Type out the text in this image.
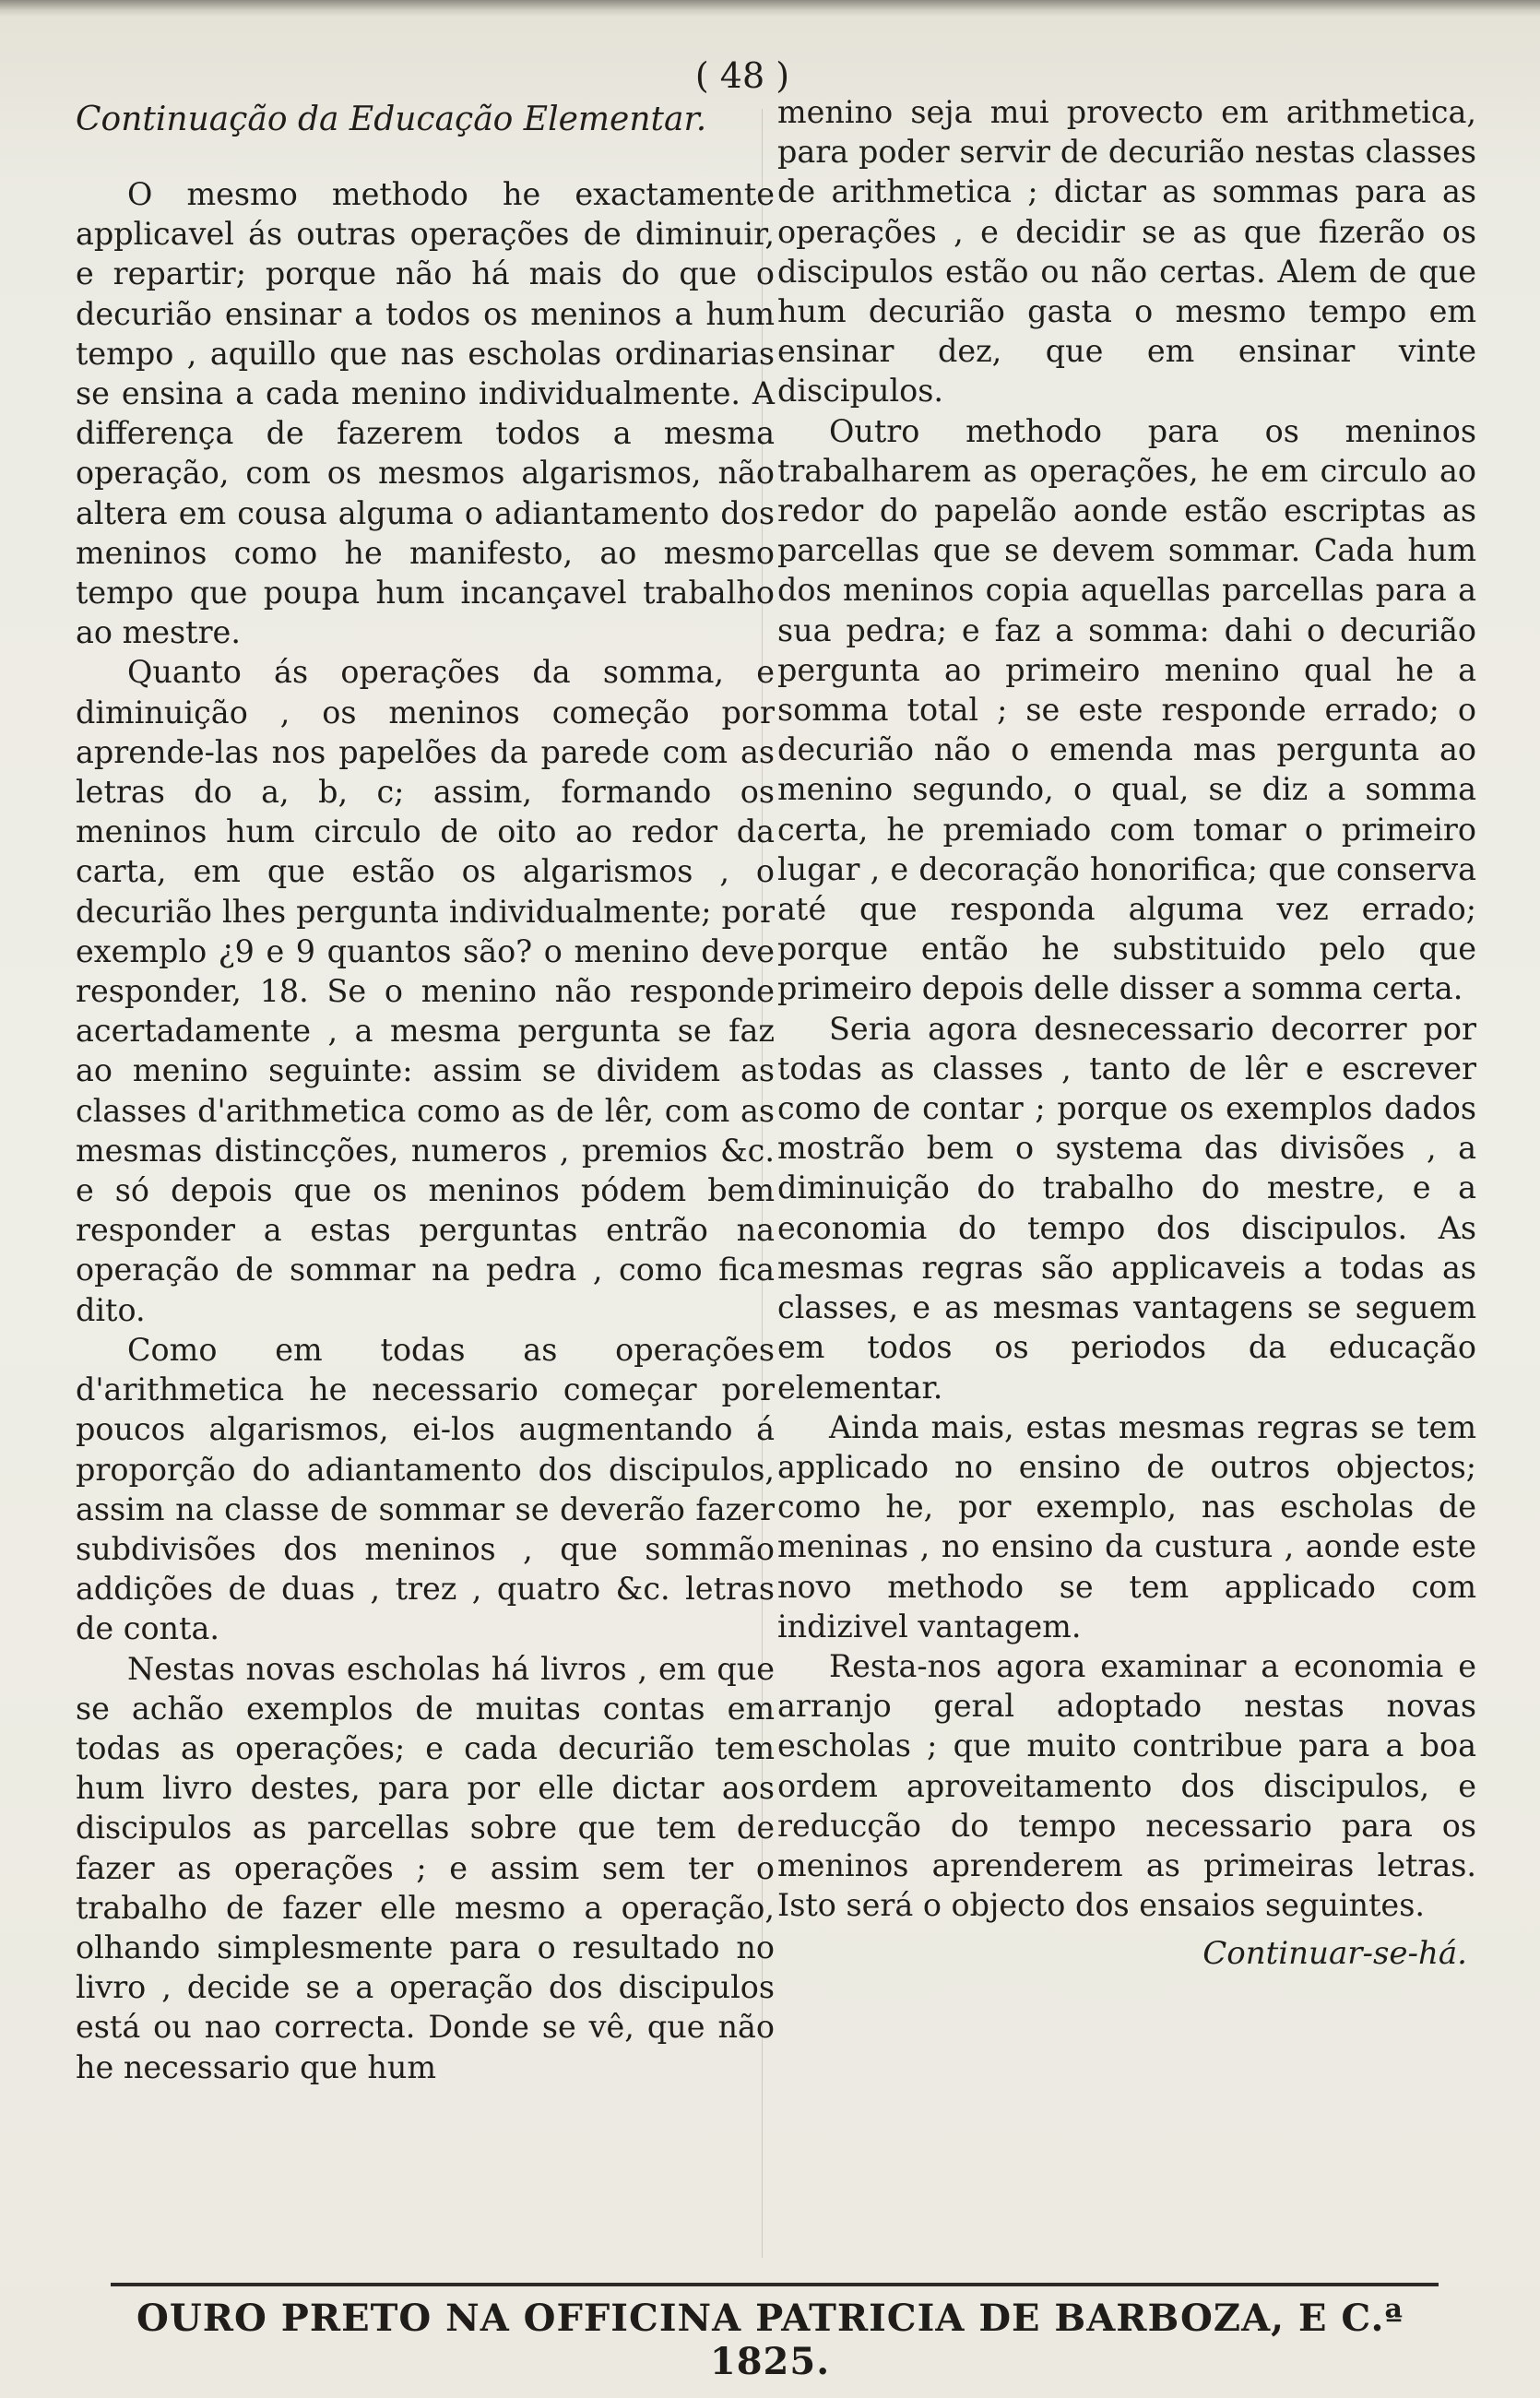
( 48 )
Continuação da Educação Elementar.

O mesmo methodo he exactamente applicavel ás outras operações de diminuir, e repartir; porque não há mais do que o decurião ensinar a todos os meninos a hum tempo , aquillo que nas escholas ordinarias se ensina a cada menino individualmente. A differença de fazerem todos a mesma operação, com os mesmos algarismos, não altera em cousa alguma o adiantamento dos meninos como he manifesto, ao mesmo tempo que poupa hum incançavel trabalho ao mestre.

Quanto ás operações da somma, e diminuição , os meninos começão por aprende-las nos papelões da parede com as letras do a, b, c; assim, formando os meninos hum circulo de oito ao redor da carta, em que estão os algarismos , o decurião lhes pergunta individualmente; por exemplo ¿9 e 9 quantos são? o menino deve responder, 18. Se o menino não responde acertadamente , a mesma pergunta se faz ao menino seguinte: assim se dividem as classes d'arithmetica como as de lêr, com as mesmas distincções, numeros , premios &c. e só depois que os meninos pódem bem responder a estas perguntas entrão na operação de sommar na pedra , como fica dito.

Como em todas as operações d'arithmetica he necessario começar por poucos algarismos, ei-los augmentando á proporção do adiantamento dos discipulos, assim na classe de sommar se deverão fazer subdivisões dos meninos , que sommão addições de duas , trez , quatro &c. letras de conta.

Nestas novas escholas há livros , em que se achão exemplos de muitas contas em todas as operações; e cada decurião tem hum livro destes, para por elle dictar aos discipulos as parcellas sobre que tem de fazer as operações ; e assim sem ter o trabalho de fazer elle mesmo a operação, olhando simplesmente para o resultado no livro , decide se a operação dos discipulos está ou nao correcta. Donde se vê, que não he necessario que hum

menino seja mui provecto em arithmetica, para poder servir de decurião nestas classes de arithmetica ; dictar as sommas para as operações , e decidir se as que fizerão os discipulos estão ou não certas. Alem de que hum decurião gasta o mesmo tempo em ensinar dez, que em ensinar vinte discipulos.

Outro methodo para os meninos trabalharem as operações, he em circulo ao redor do papelão aonde estão escriptas as parcellas que se devem sommar. Cada hum dos meninos copia aquellas parcellas para a sua pedra; e faz a somma: dahi o decurião pergunta ao primeiro menino qual he a somma total ; se este responde errado; o decurião não o emenda mas pergunta ao menino segundo, o qual, se diz a somma certa, he premiado com tomar o primeiro lugar , e decoração honorifica; que conserva até que responda alguma vez errado; porque então he substituido pelo que primeiro depois delle disser a somma certa.

Seria agora desnecessario decorrer por todas as classes , tanto de lêr e escrever como de contar ; porque os exemplos dados mostrão bem o systema das divisões , a diminuição do trabalho do mestre, e a economia do tempo dos discipulos. As mesmas regras são applicaveis a todas as classes, e as mesmas vantagens se seguem em todos os periodos da educação elementar.

Ainda mais, estas mesmas regras se tem applicado no ensino de outros objectos; como he, por exemplo, nas escholas de meninas , no ensino da custura , aonde este novo methodo se tem applicado com indizivel vantagem.

Resta-nos agora examinar a economia e arranjo geral adoptado nestas novas escholas ; que muito contribue para a boa ordem aproveitamento dos discipulos, e reducção do tempo necessario para os meninos aprenderem as primeiras letras. Isto será o objecto dos ensaios seguintes.

Continuar-se-há.

OURO PRETO NA OFFICINA PATRICIA DE BARBOZA, E C.ª 1825.
